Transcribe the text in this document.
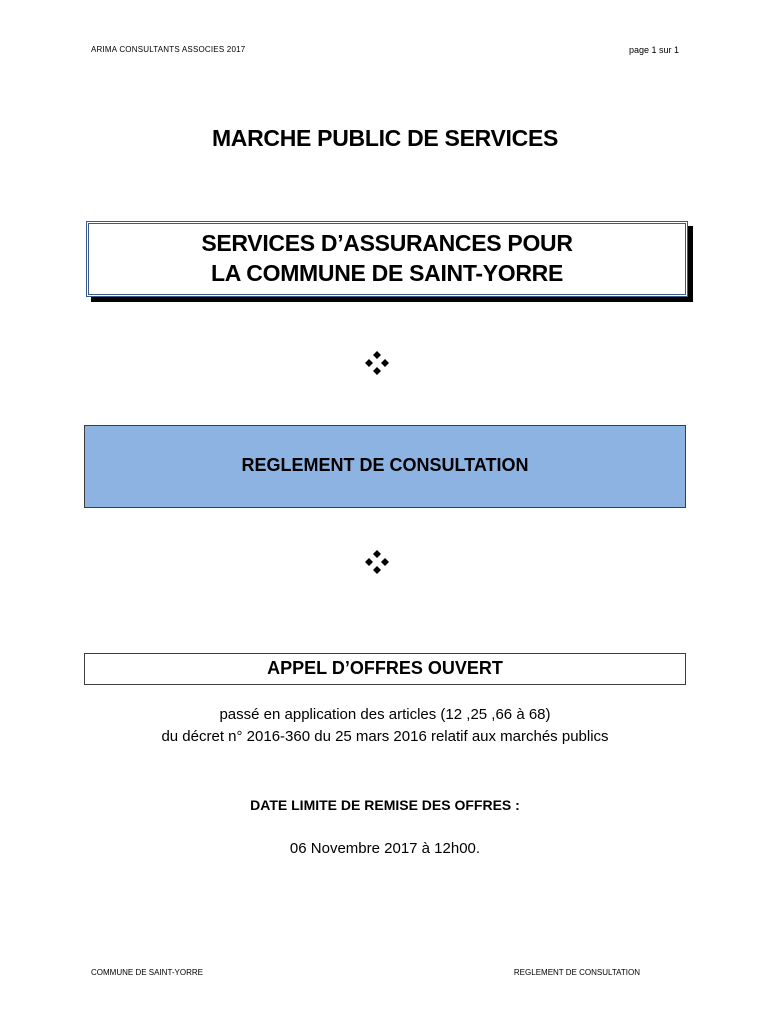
ARIMA CONSULTANTS ASSOCIES 2017	page 1 sur 1
MARCHE PUBLIC DE SERVICES
SERVICES D’ASSURANCES POUR
LA COMMUNE DE SAINT-YORRE
REGLEMENT DE CONSULTATION
APPEL D’OFFRES OUVERT
passé en application des articles (12 ,25 ,66 à 68)
du décret n° 2016-360 du 25 mars 2016 relatif aux marchés publics
DATE LIMITE DE REMISE DES OFFRES :
06 Novembre 2017 à 12h00.
COMMUNE DE SAINT-YORRE	REGLEMENT DE CONSULTATION
